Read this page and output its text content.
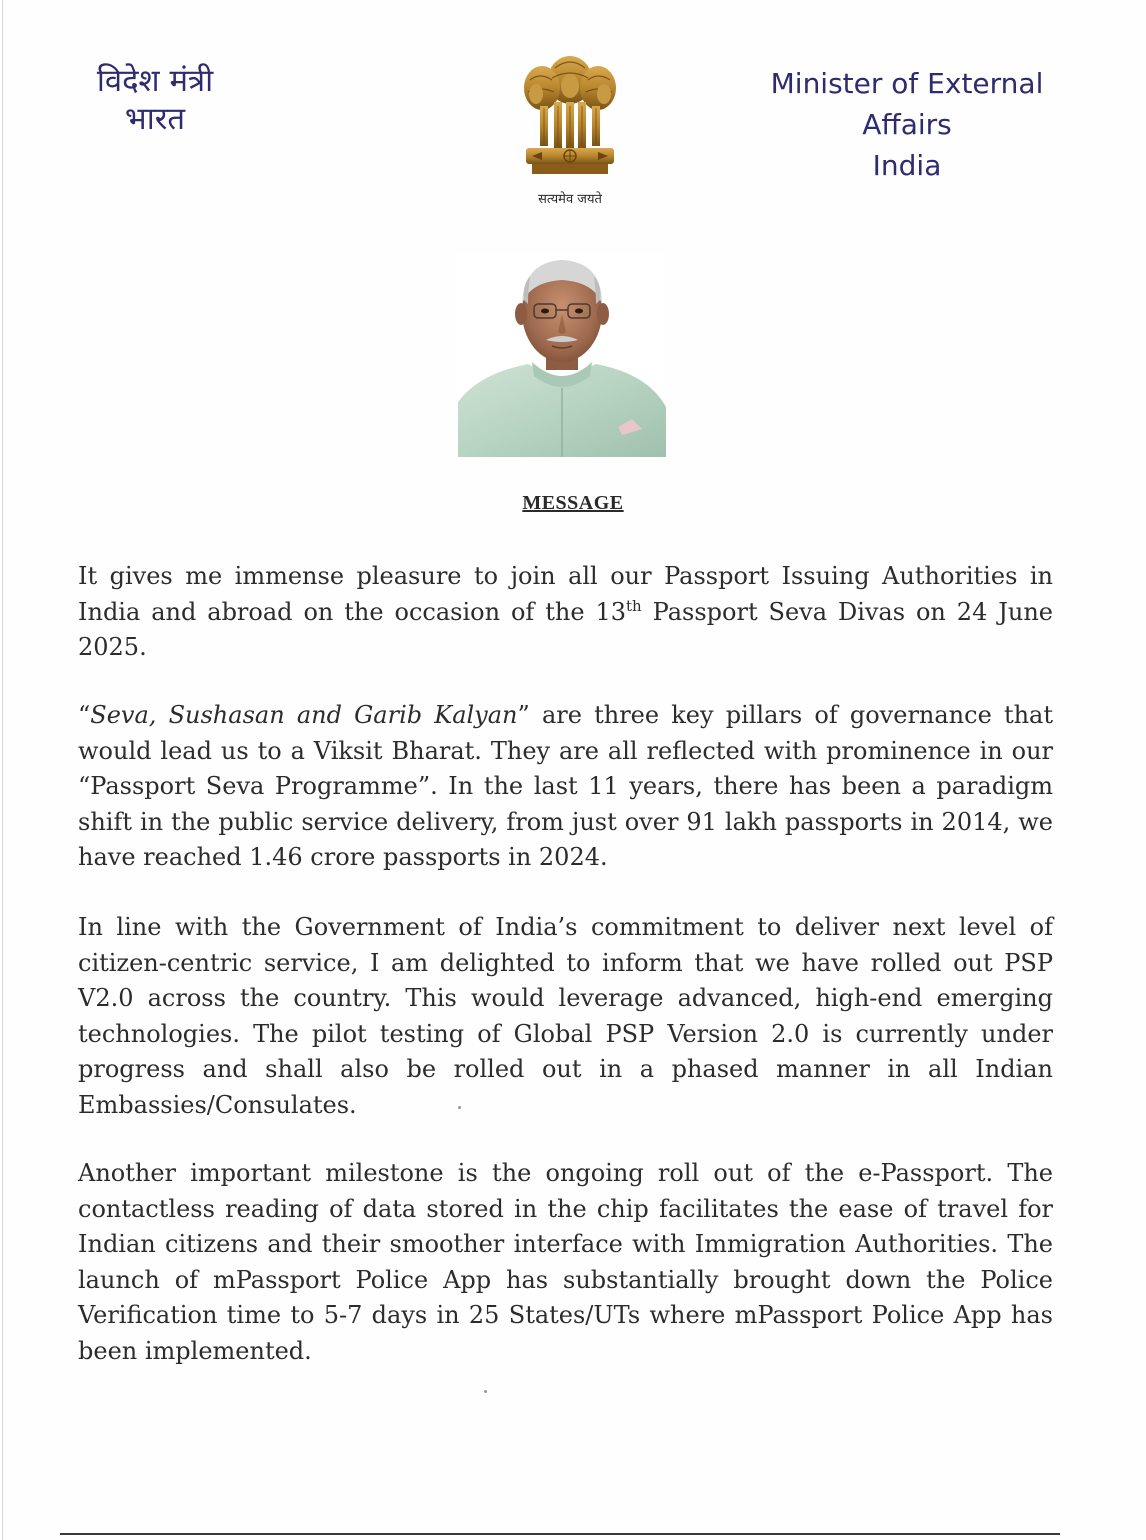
विदेश मंत्री
भारत
सत्यमेव जयते
Minister of External Affairs
India
MESSAGE
It gives me immense pleasure to join all our Passport Issuing Authorities in India and abroad on the occasion of the 13th Passport Seva Divas on 24 June 2025.
“Seva, Sushasan and Garib Kalyan” are three key pillars of governance that would lead us to a Viksit Bharat. They are all reflected with prominence in our “Passport Seva Programme”. In the last 11 years, there has been a paradigm shift in the public service delivery, from just over 91 lakh passports in 2014, we have reached 1.46 crore passports in 2024.
In line with the Government of India’s commitment to deliver next level of citizen-centric service, I am delighted to inform that we have rolled out PSP V2.0 across the country. This would leverage advanced, high-end emerging technologies. The pilot testing of Global PSP Version 2.0 is currently under progress and shall also be rolled out in a phased manner in all Indian Embassies/Consulates.
Another important milestone is the ongoing roll out of the e-Passport. The contactless reading of data stored in the chip facilitates the ease of travel for Indian citizens and their smoother interface with Immigration Authorities. The launch of mPassport Police App has substantially brought down the Police Verification time to 5-7 days in 25 States/UTs where mPassport Police App has been implemented.
